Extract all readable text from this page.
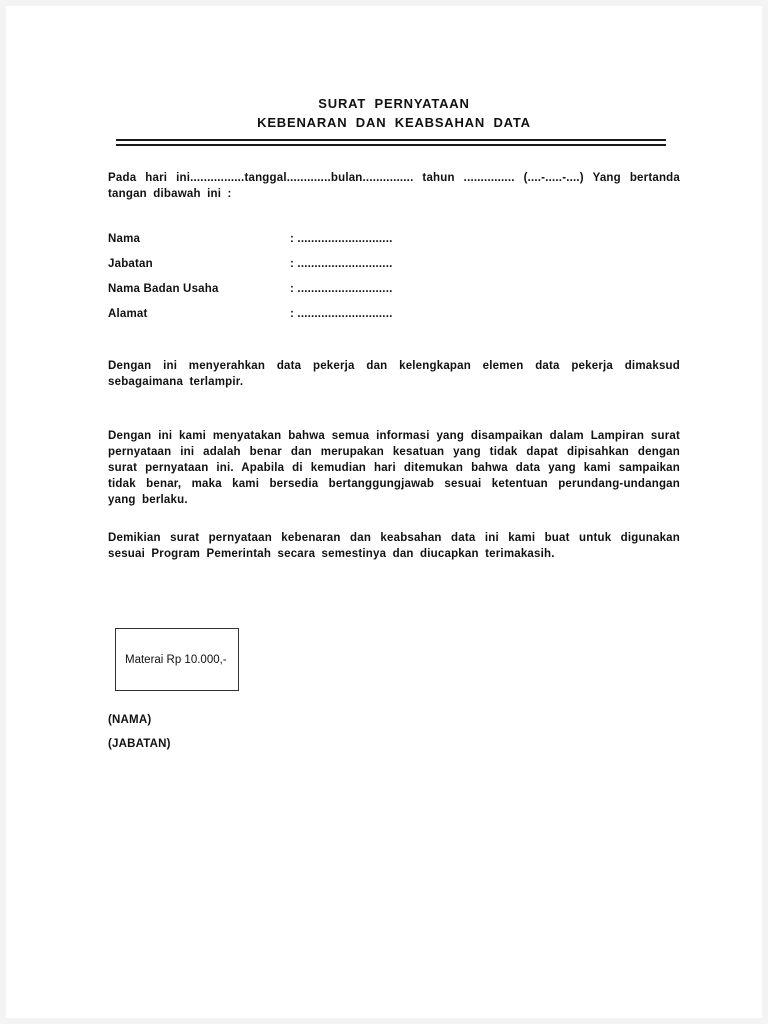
SURAT PERNYATAAN
KEBENARAN DAN KEABSAHAN DATA

Pada hari ini................tanggal.............bulan............... tahun ............... (....-.....-....) Yang bertanda tangan dibawah ini :

Nama	: ............................
Jabatan	: ............................
Nama Badan Usaha	: ............................
Alamat	: ............................

Dengan ini menyerahkan data pekerja dan kelengkapan elemen data pekerja dimaksud sebagaimana terlampir.

Dengan ini kami menyatakan bahwa semua informasi yang disampaikan dalam Lampiran surat pernyataan ini adalah benar dan merupakan kesatuan yang tidak dapat dipisahkan dengan surat pernyataan ini. Apabila di kemudian hari ditemukan bahwa data yang kami sampaikan tidak benar, maka kami bersedia bertanggungjawab sesuai ketentuan perundang-undangan yang berlaku.

Demikian surat pernyataan kebenaran dan keabsahan data ini kami buat untuk digunakan sesuai Program Pemerintah secara semestinya dan diucapkan terimakasih.

Materai Rp 10.000,-
(NAMA)
(JABATAN)
